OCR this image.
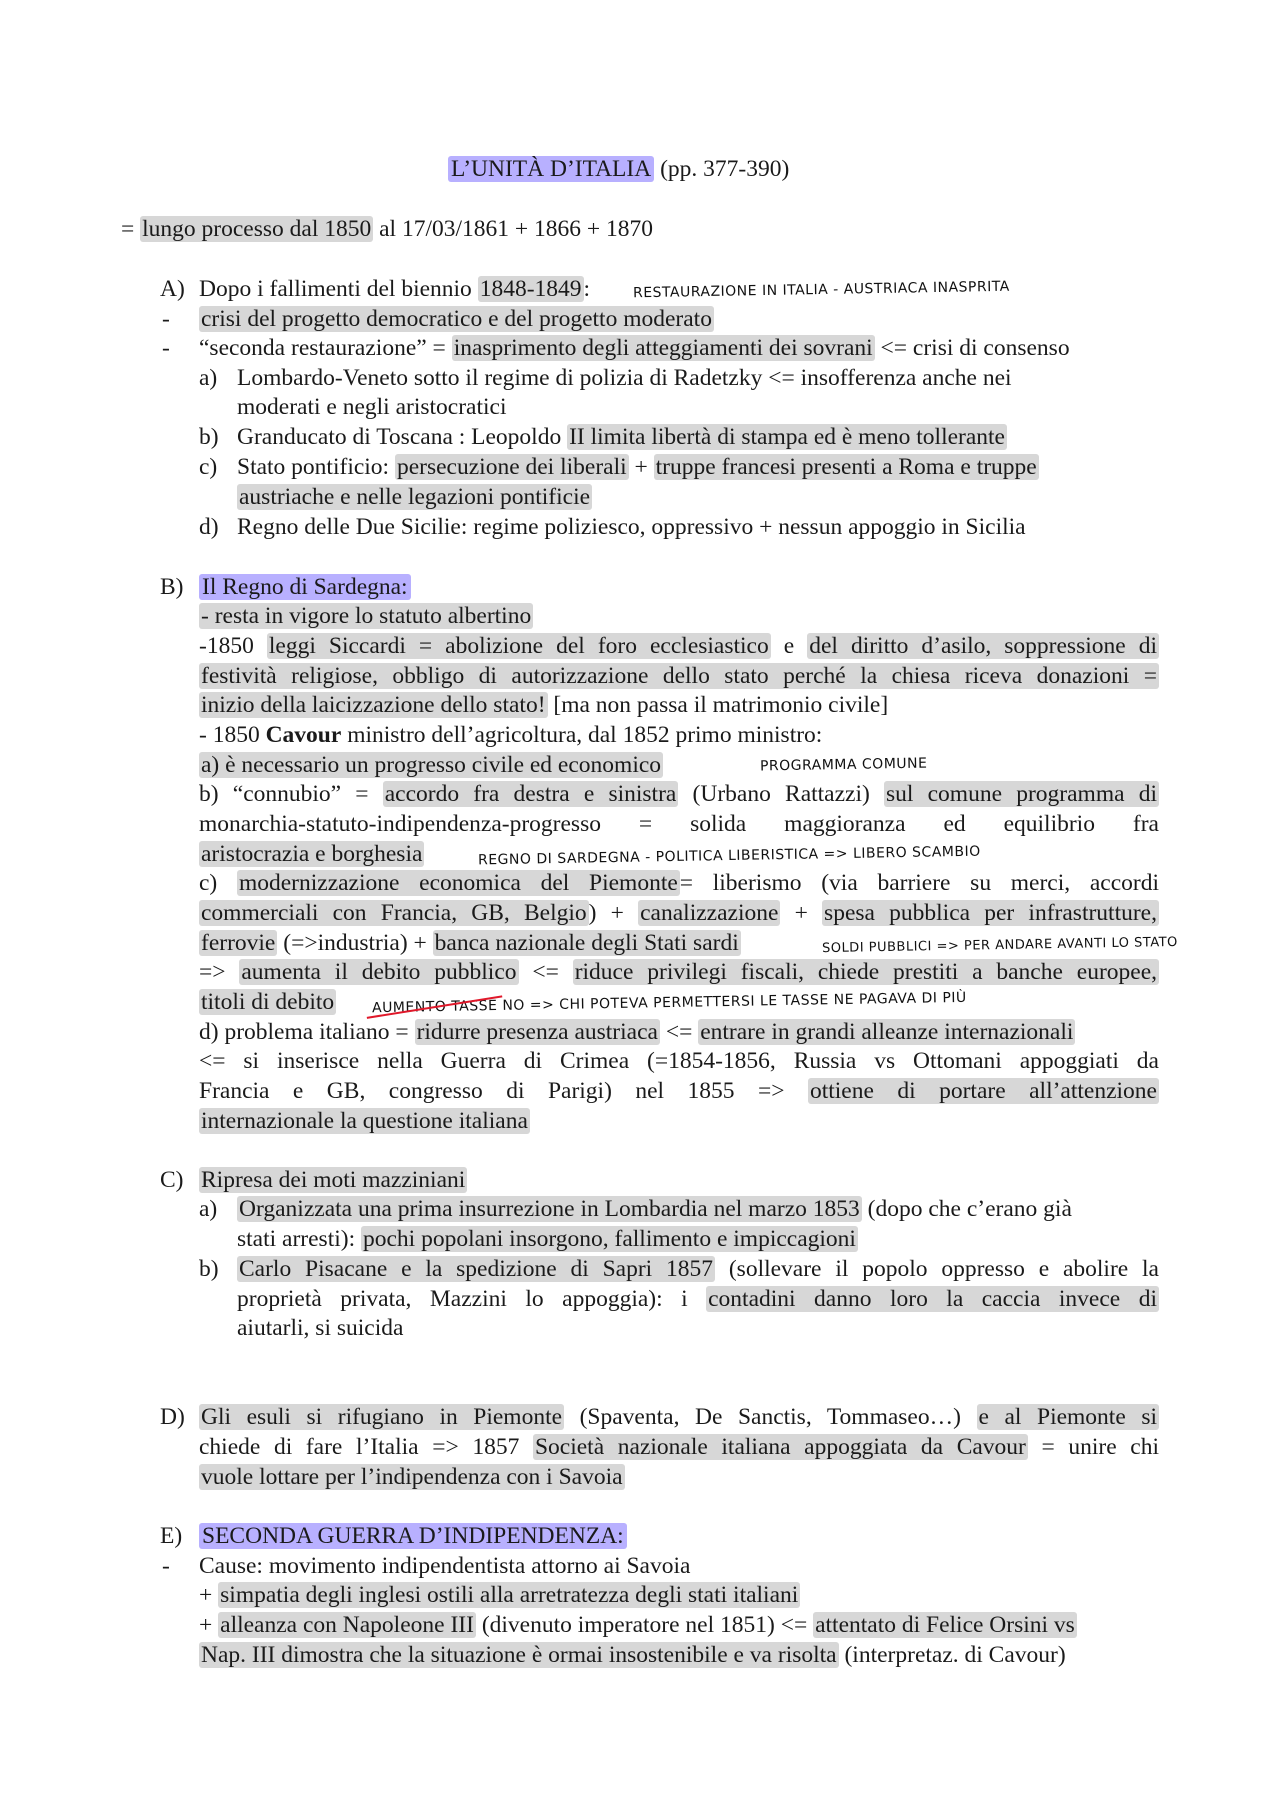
L’UNITÀ D’ITALIA (pp. 377-390)
= lungo processo dal 1850 al 17/03/1861 + 1866 + 1870
A) Dopo i fallimenti del biennio 1848-1849:	RESTAURAZIONE IN ITALIA - AUSTRIACA INASPRITA
- crisi del progetto democratico e del progetto moderato
- “seconda restaurazione” = inasprimento degli atteggiamenti dei sovrani <= crisi di consenso
a) Lombardo-Veneto sotto il regime di polizia di Radetzky <= insofferenza anche nei
moderati e negli aristocratici
b) Granducato di Toscana : Leopoldo II limita libertà di stampa ed è meno tollerante
c) Stato pontificio: persecuzione dei liberali + truppe francesi presenti a Roma e truppe
austriache e nelle legazioni pontificie
d) Regno delle Due Sicilie: regime poliziesco, oppressivo + nessun appoggio in Sicilia
B) Il Regno di Sardegna:
- resta in vigore lo statuto albertino
-1850 leggi Siccardi = abolizione del foro ecclesiastico e del diritto d’asilo, soppressione di
festività religiose, obbligo di autorizzazione dello stato perché la chiesa riceva donazioni =
inizio della laicizzazione dello stato! [ma non passa il matrimonio civile]
- 1850 Cavour ministro dell’agricoltura, dal 1852 primo ministro:
a) è necessario un progresso civile ed economico	PROGRAMMA COMUNE
b) “connubio” = accordo fra destra e sinistra (Urbano Rattazzi) sul comune programma di
monarchia-statuto-indipendenza-progresso = solida maggioranza ed equilibrio fra
aristocrazia e borghesia	REGNO DI SARDEGNA - POLITICA LIBERISTICA => LIBERO SCAMBIO
c) modernizzazione economica del Piemonte= liberismo (via barriere su merci, accordi
commerciali con Francia, GB, Belgio) + canalizzazione + spesa pubblica per infrastrutture,
ferrovie (=>industria) + banca nazionale degli Stati sardi	SOLDI PUBBLICI => PER ANDARE AVANTI LO STATO
=> aumenta il debito pubblico <= riduce privilegi fiscali, chiede prestiti a banche europee,
titoli di debito	AUMENTO TASSE NO => CHI POTEVA PERMETTERSI LE TASSE NE PAGAVA DI PIÙ
d) problema italiano = ridurre presenza austriaca <= entrare in grandi alleanze internazionali
<= si inserisce nella Guerra di Crimea (=1854-1856, Russia vs Ottomani appoggiati da
Francia e GB, congresso di Parigi) nel 1855 => ottiene di portare all’attenzione
internazionale la questione italiana
C) Ripresa dei moti mazziniani
a) Organizzata una prima insurrezione in Lombardia nel marzo 1853 (dopo che c’erano già
stati arresti): pochi popolani insorgono, fallimento e impiccagioni
b) Carlo Pisacane e la spedizione di Sapri 1857 (sollevare il popolo oppresso e abolire la
proprietà privata, Mazzini lo appoggia): i contadini danno loro la caccia invece di
aiutarli, si suicida
D) Gli esuli si rifugiano in Piemonte (Spaventa, De Sanctis, Tommaseo…) e al Piemonte si
chiede di fare l’Italia => 1857 Società nazionale italiana appoggiata da Cavour = unire chi
vuole lottare per l’indipendenza con i Savoia
E) SECONDA GUERRA D’INDIPENDENZA:
- Cause: movimento indipendentista attorno ai Savoia
+ simpatia degli inglesi ostili alla arretratezza degli stati italiani
+ alleanza con Napoleone III (divenuto imperatore nel 1851) <= attentato di Felice Orsini vs
Nap. III dimostra che la situazione è ormai insostenibile e va risolta (interpretaz. di Cavour)
